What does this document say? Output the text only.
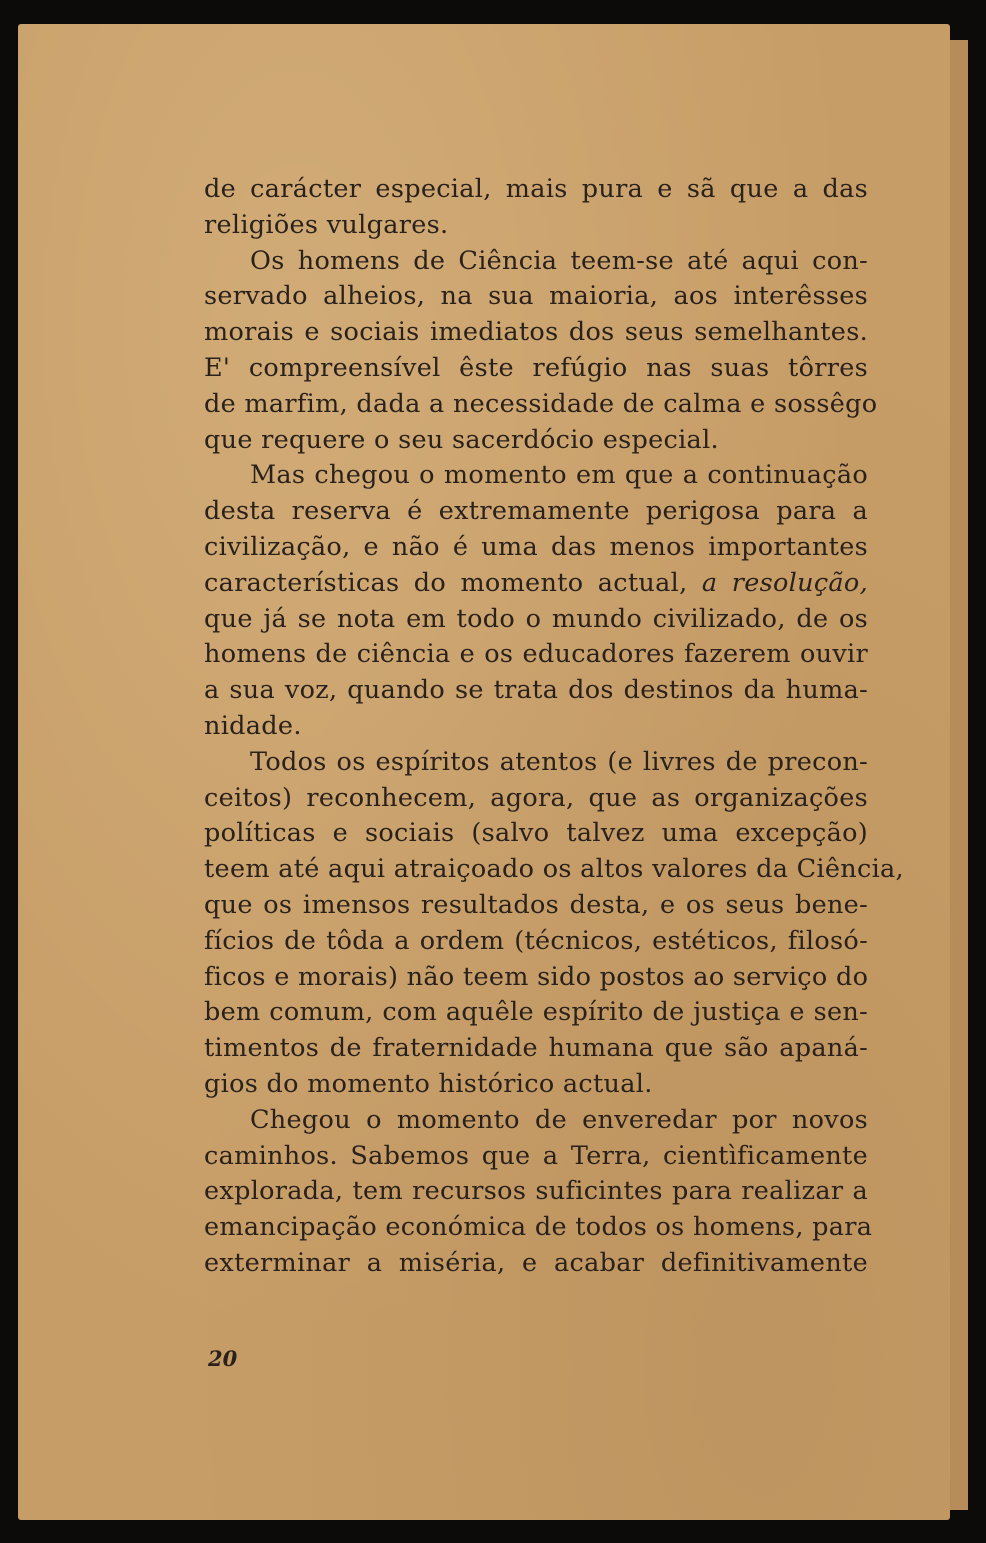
de carácter especial, mais pura e sã que a das
religiões vulgares.
Os homens de Ciência teem-se até aqui con-
servado alheios, na sua maioria, aos interêsses
morais e sociais imediatos dos seus semelhantes.
E' compreensível êste refúgio nas suas tôrres
de marfim, dada a necessidade de calma e sossêgo
que requere o seu sacerdócio especial.
Mas chegou o momento em que a continuação
desta reserva é extremamente perigosa para a
civilização, e não é uma das menos importantes
características do momento actual, a resolução,
que já se nota em todo o mundo civilizado, de os
homens de ciência e os educadores fazerem ouvir
a sua voz, quando se trata dos destinos da huma-
nidade.
Todos os espíritos atentos (e livres de precon-
ceitos) reconhecem, agora, que as organizações
políticas e sociais (salvo talvez uma excepção)
teem até aqui atraiçoado os altos valores da Ciência,
que os imensos resultados desta, e os seus bene-
fícios de tôda a ordem (técnicos, estéticos, filosó-
ficos e morais) não teem sido postos ao serviço do
bem comum, com aquêle espírito de justiça e sen-
timentos de fraternidade humana que são apaná-
gios do momento histórico actual.
Chegou o momento de enveredar por novos
caminhos. Sabemos que a Terra, cientìficamente
explorada, tem recursos suficintes para realizar a
emancipação económica de todos os homens, para
exterminar a miséria, e acabar definitivamente
20
